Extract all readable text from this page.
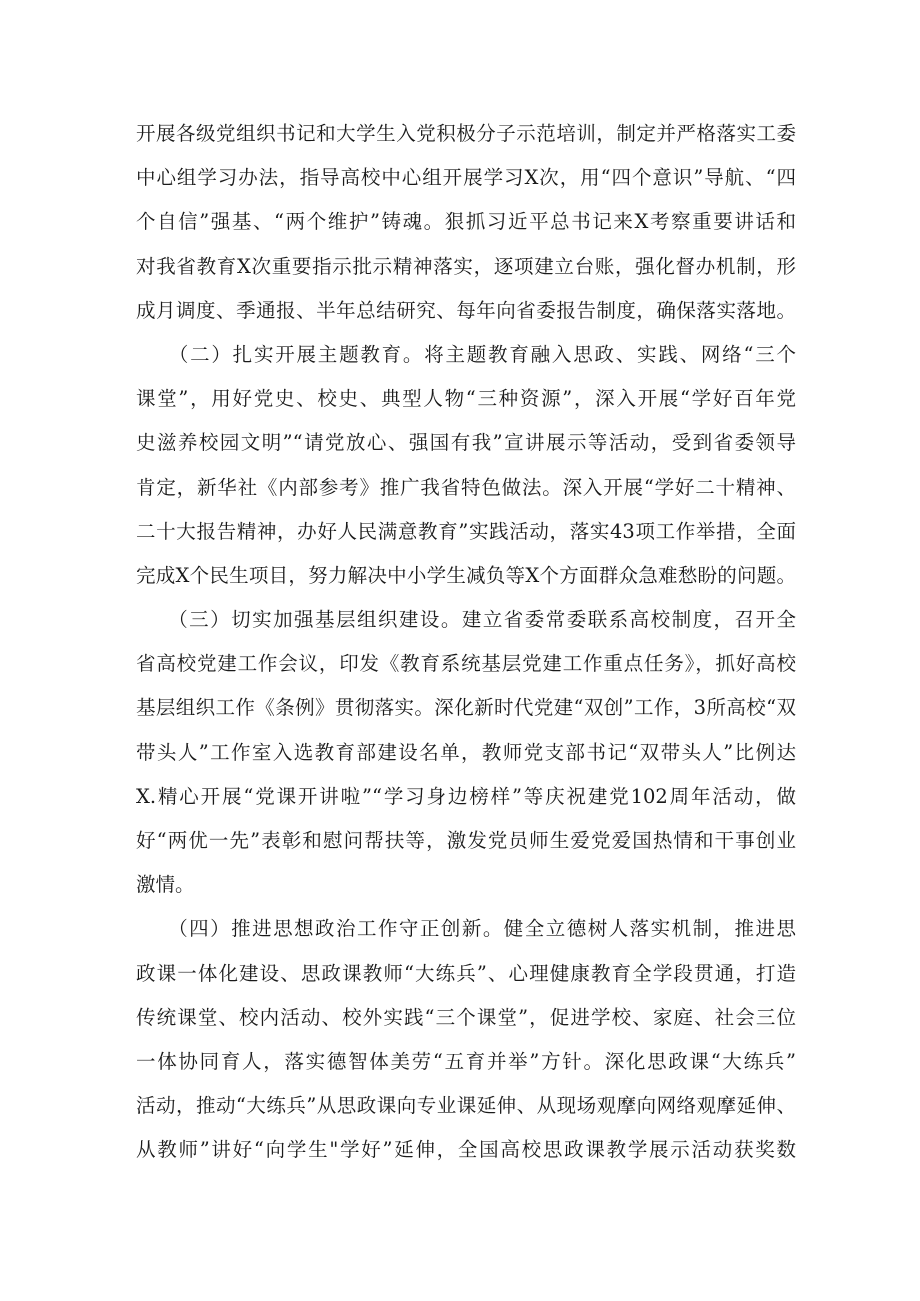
开展各级党组织书记和大学生入党积极分子示范培训，制定并严格落实工委
中心组学习办法，指导高校中心组开展学习X次，用“四个意识”导航、“四
个自信”强基、“两个维护”铸魂。狠抓习近平总书记来X考察重要讲话和
对我省教育X次重要指示批示精神落实，逐项建立台账，强化督办机制，形
成月调度、季通报、半年总结研究、每年向省委报告制度，确保落实落地。
　　（二）扎实开展主题教育。将主题教育融入思政、实践、网络“三个
课堂”，用好党史、校史、典型人物“三种资源”，深入开展“学好百年党
史滋养校园文明”“请党放心、强国有我”宣讲展示等活动，受到省委领导
肯定，新华社《内部参考》推广我省特色做法。深入开展“学好二十精神、
二十大报告精神，办好人民满意教育”实践活动，落实43项工作举措，全面
完成X个民生项目，努力解决中小学生减负等X个方面群众急难愁盼的问题。
　　（三）切实加强基层组织建设。建立省委常委联系高校制度，召开全
省高校党建工作会议，印发《教育系统基层党建工作重点任务》，抓好高校
基层组织工作《条例》贯彻落实。深化新时代党建“双创”工作，3所高校“双
带头人”工作室入选教育部建设名单，教师党支部书记“双带头人”比例达
X.精心开展“党课开讲啦”“学习身边榜样”等庆祝建党102周年活动，做
好“两优一先”表彰和慰问帮扶等，激发党员师生爱党爱国热情和干事创业
激情。
　　（四）推进思想政治工作守正创新。健全立德树人落实机制，推进思
政课一体化建设、思政课教师“大练兵”、心理健康教育全学段贯通，打造
传统课堂、校内活动、校外实践“三个课堂”，促进学校、家庭、社会三位
一体协同育人，落实德智体美劳“五育并举”方针。深化思政课“大练兵”
活动，推动“大练兵”从思政课向专业课延伸、从现场观摩向网络观摩延伸、
从教师”讲好“向学生"学好”延伸，全国高校思政课教学展示活动获奖数
